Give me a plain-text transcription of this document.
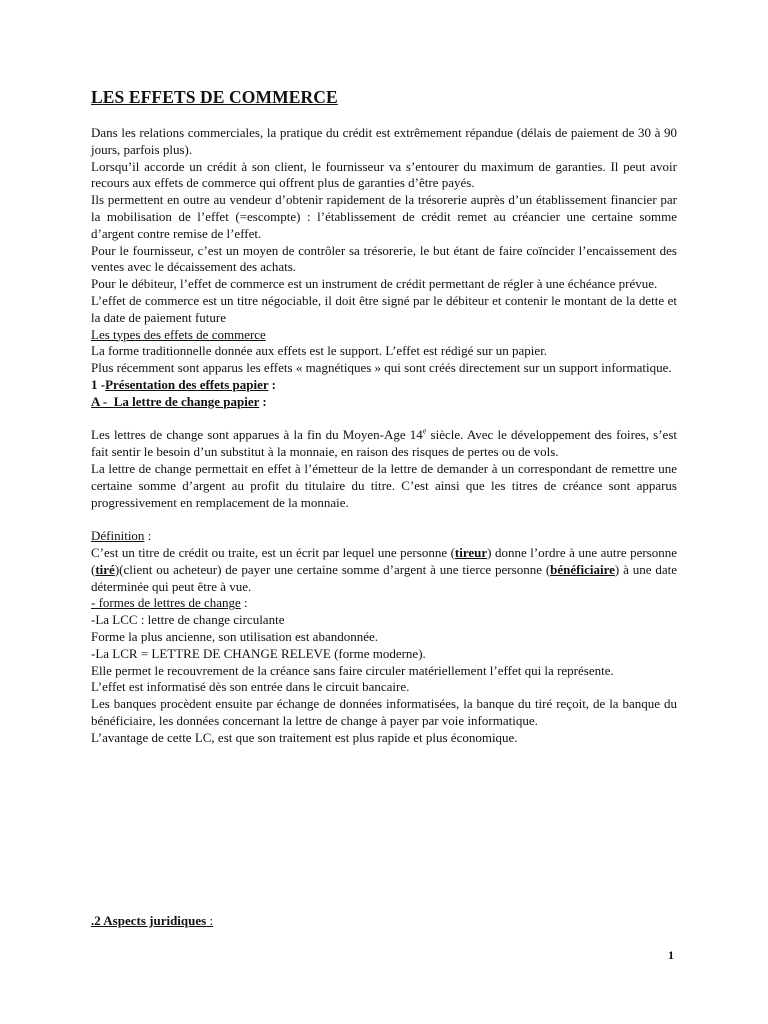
LES EFFETS DE COMMERCE

Dans les relations commerciales, la pratique du crédit est extrêmement répandue (délais de paiement de 30 à 90 jours, parfois plus).

Lorsqu’il accorde un crédit à son client, le fournisseur va s’entourer du maximum de garanties. Il peut avoir recours aux effets de commerce qui offrent plus de garanties d’être payés.

Ils permettent en outre au vendeur d’obtenir rapidement de la trésorerie auprès d’un établissement financier par la mobilisation de l’effet (=escompte) : l’établissement de crédit remet au créancier une certaine somme d’argent contre remise de l’effet.

Pour le fournisseur, c’est un moyen de contrôler sa trésorerie, le but étant de faire coïncider l’encaissement des ventes avec le décaissement des achats.

Pour le débiteur, l’effet de commerce est un instrument de crédit permettant de régler à une échéance prévue.

L’effet de commerce est un titre négociable, il doit être signé par le débiteur et contenir le montant de la dette et la date de paiement future

Les types des effets de commerce

La forme traditionnelle donnée aux effets est le support. L’effet est rédigé sur un papier.

Plus récemment sont apparus les effets « magnétiques » qui sont créés directement sur un support informatique.

1 -Présentation des effets papier :

A -  La lettre de change papier :

Les lettres de change sont apparues à la fin du Moyen-Age 14e siècle. Avec le développement des foires, s’est fait sentir le besoin d’un substitut à la monnaie, en raison des risques de pertes ou de vols.

La lettre de change permettait en effet à l’émetteur de la lettre de demander à un correspondant de remettre une certaine somme d’argent au profit du titulaire du titre. C’est ainsi que les titres de créance sont apparus progressivement en remplacement de la monnaie.

Définition :

C’est un titre de crédit ou traite, est un écrit par lequel une personne (tireur) donne l’ordre à une autre personne (tiré)(client ou acheteur) de payer une certaine somme d’argent à une tierce personne (bénéficiaire) à une date déterminée qui peut être à vue.

- formes de lettres de change :

-La LCC : lettre de change circulante

Forme la plus ancienne, son utilisation est abandonnée.

-La LCR = LETTRE DE CHANGE RELEVE (forme moderne).

Elle permet le recouvrement de la créance sans faire circuler matériellement l’effet qui la représente.

L’effet est informatisé dès son entrée dans le circuit bancaire.

Les banques procèdent ensuite par échange de données informatisées, la banque du tiré reçoit, de la banque du bénéficiaire, les données concernant la lettre de change à payer par voie informatique.

L’avantage de cette LC, est que son traitement est plus rapide et plus économique.

.2 Aspects juridiques :
1
